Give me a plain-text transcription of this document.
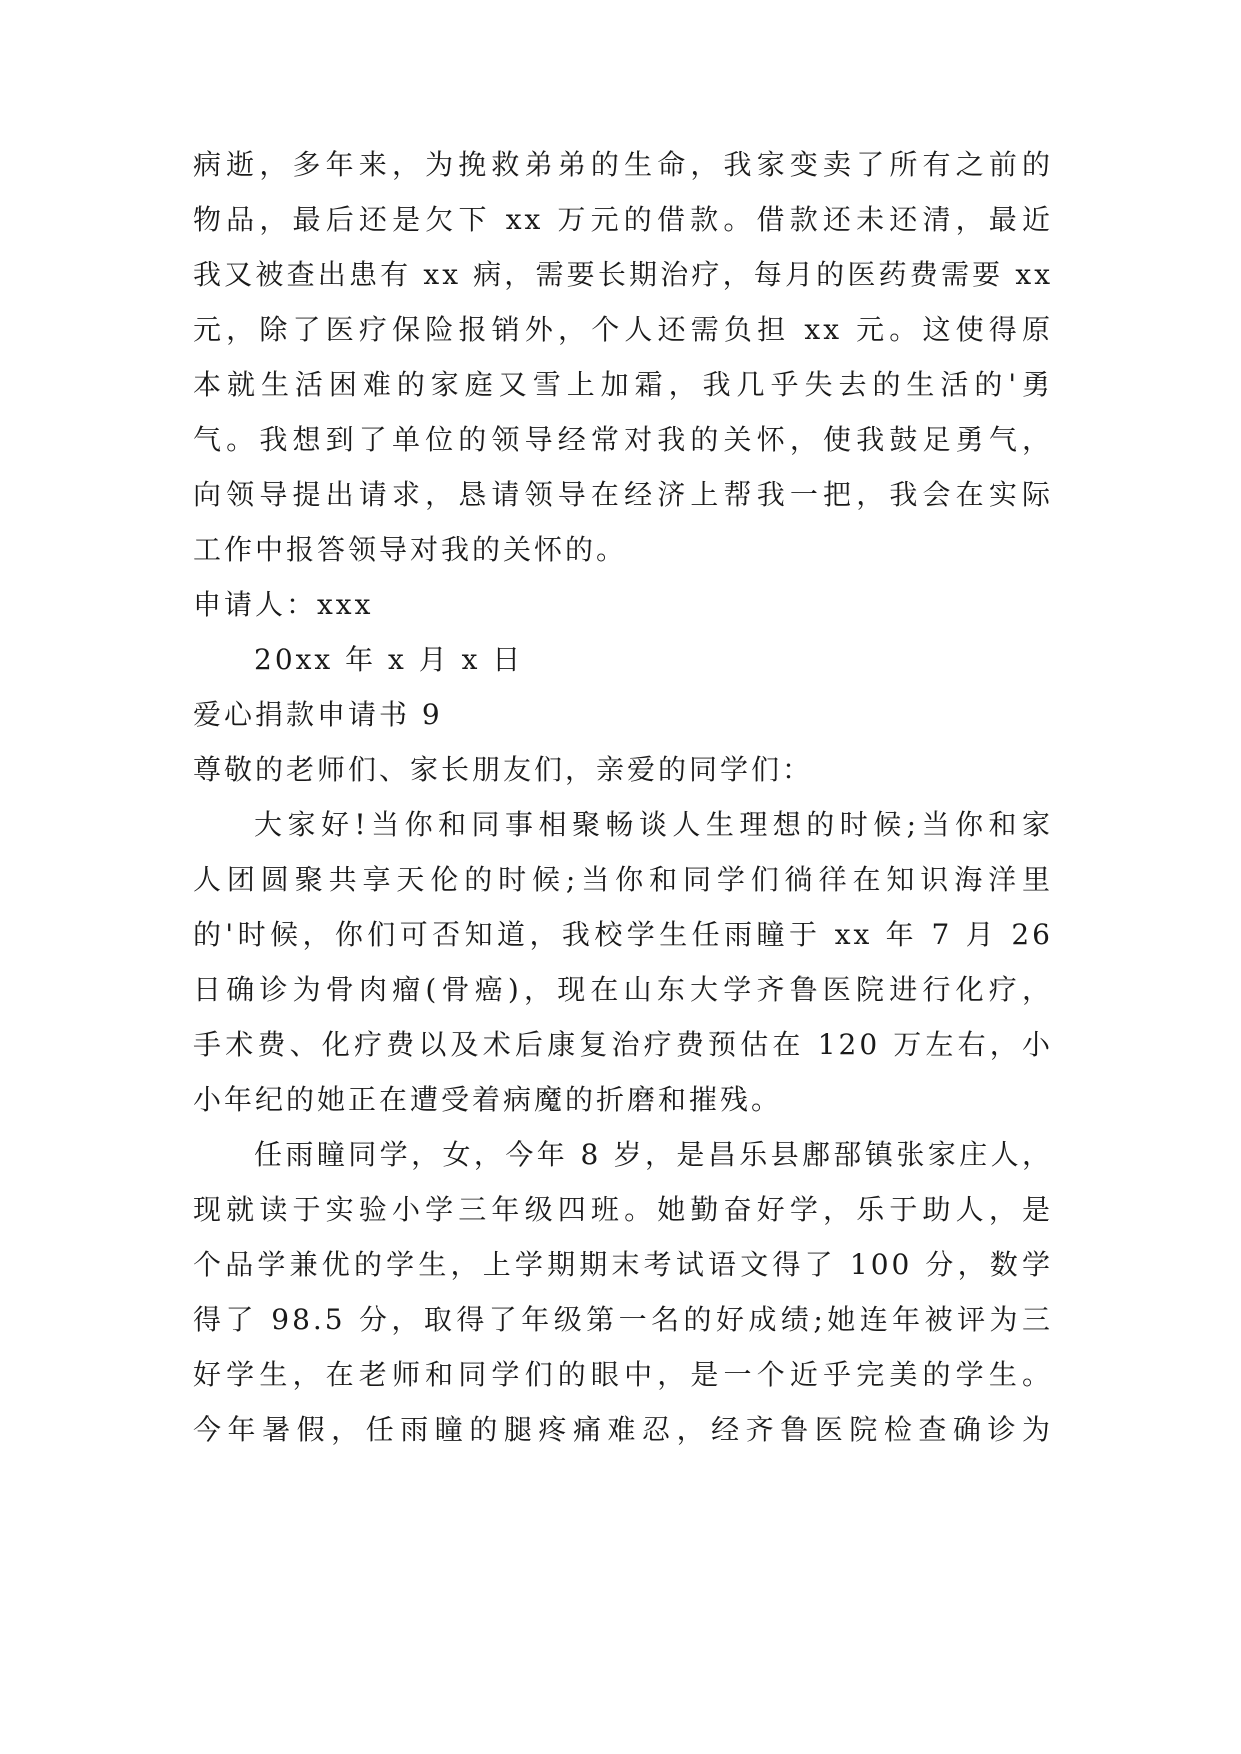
病逝，多年来，为挽救弟弟的生命，我家变卖了所有之前的
物品，最后还是欠下 xx 万元的借款。借款还未还清，最近
我又被查出患有 xx 病，需要长期治疗，每月的医药费需要 xx
元，除了医疗保险报销外，个人还需负担 xx 元。这使得原
本就生活困难的家庭又雪上加霜，我几乎失去的生活的'勇
气。我想到了单位的领导经常对我的关怀，使我鼓足勇气，
向领导提出请求，恳请领导在经济上帮我一把，我会在实际
工作中报答领导对我的关怀的。
申请人：xxx
20xx 年 x 月 x 日
爱心捐款申请书 9
尊敬的老师们、家长朋友们，亲爱的同学们：
大家好!当你和同事相聚畅谈人生理想的时候;当你和家
人团圆聚共享天伦的时候;当你和同学们徜徉在知识海洋里
的'时候，你们可否知道，我校学生任雨瞳于 xx 年 7 月 26
日确诊为骨肉瘤(骨癌)，现在山东大学齐鲁医院进行化疗，
手术费、化疗费以及术后康复治疗费预估在 120 万左右，小
小年纪的她正在遭受着病魔的折磨和摧残。
任雨瞳同学，女，今年 8 岁，是昌乐县鄌郚镇张家庄人，
现就读于实验小学三年级四班。她勤奋好学，乐于助人，是
个品学兼优的学生，上学期期末考试语文得了 100 分，数学
得了 98.5 分，取得了年级第一名的好成绩;她连年被评为三
好学生，在老师和同学们的眼中，是一个近乎完美的学生。
今年暑假，任雨瞳的腿疼痛难忍，经齐鲁医院检查确诊为
